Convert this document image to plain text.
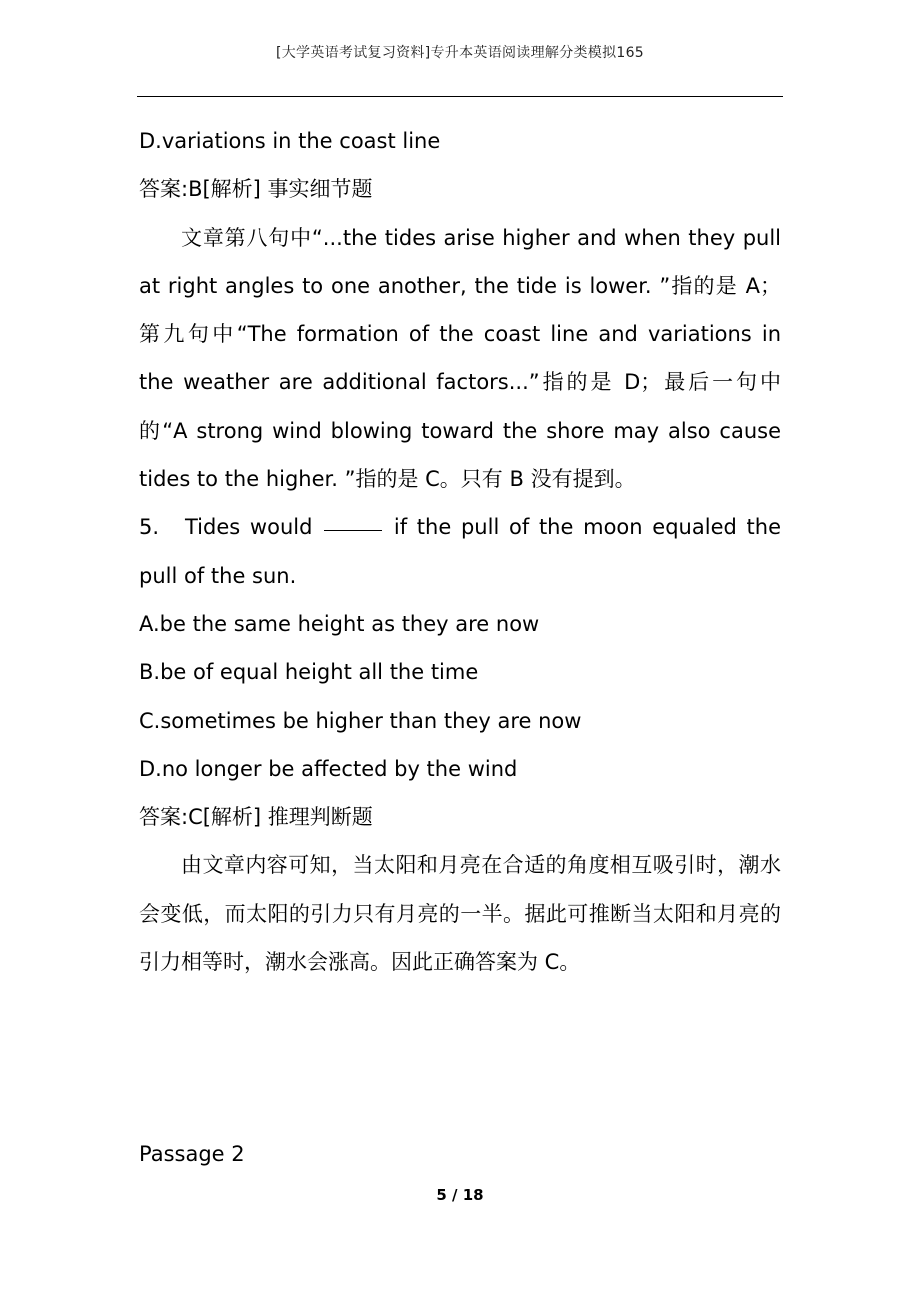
[大学英语考试复习资料]专升本英语阅读理解分类模拟165
D.variations in the coast line
答案:B[解析] 事实细节题
文章第八句中“...the tides arise higher and when they pull at right angles to one another, the tide is lower. ”指的是 A；第九句中“The formation of the coast line and variations in the weather are additional factors...”指的是 D；最后一句中的“A strong wind blowing toward the shore may also cause tides to the higher. ”指的是 C。只有 B 没有提到。
5. Tides would	if the pull of the moon equaled the pull of the sun.
A.be the same height as they are now
B.be of equal height all the time
C.sometimes be higher than they are now
D.no longer be affected by the wind
答案:C[解析] 推理判断题
由文章内容可知，当太阳和月亮在合适的角度相互吸引时，潮水会变低，而太阳的引力只有月亮的一半。据此可推断当太阳和月亮的引力相等时，潮水会涨高。因此正确答案为 C。
Passage 2
5 / 18
